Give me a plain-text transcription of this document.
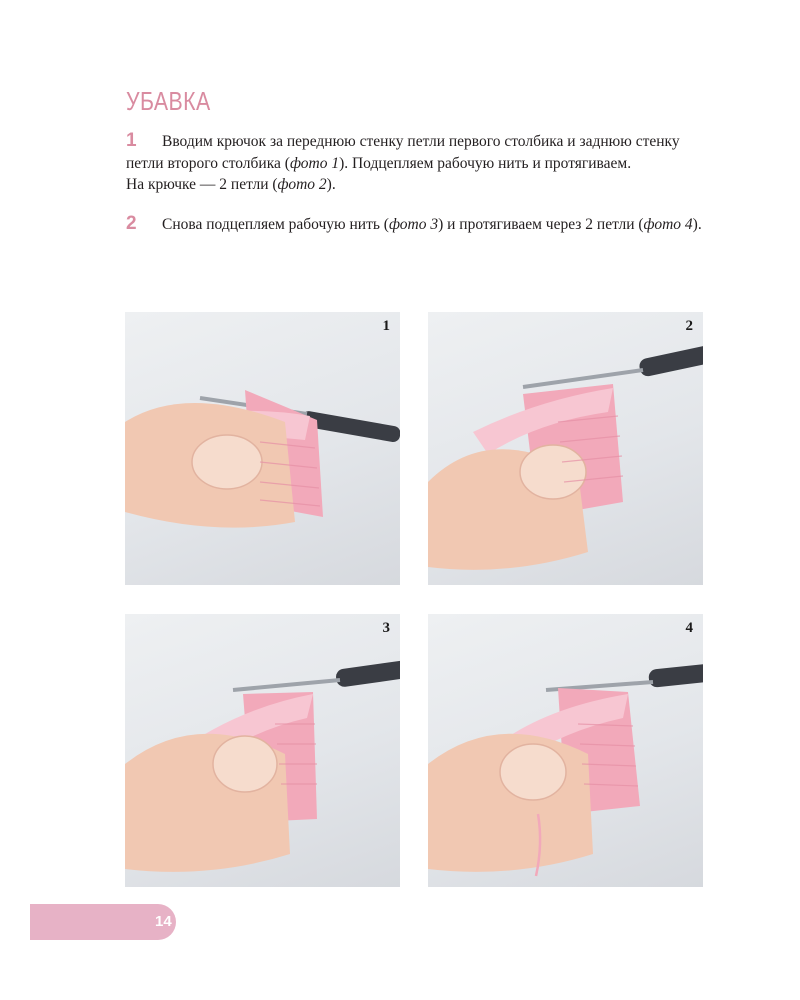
УБАВКА
1 Вводим крючок за переднюю стенку петли первого столбика и заднюю стенку петли второго столбика (фото 1). Подцепляем рабочую нить и протягиваем.
На крючке — 2 петли (фото 2).
2 Снова подцепляем рабочую нить (фото 3) и протягиваем через 2 петли (фото 4).
1	2
3	4
14
